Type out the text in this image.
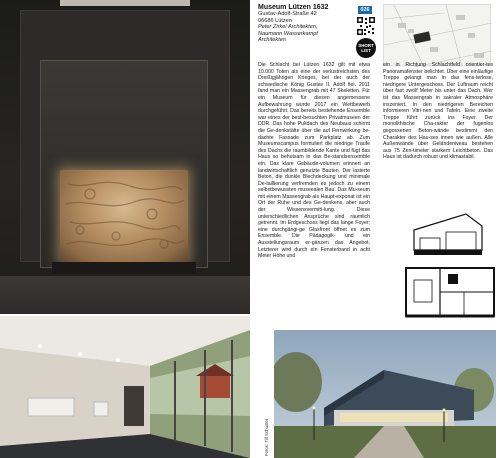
Museum Lützen 1632
Gustav-Adolf-Straße 42
06686 Lützen
Peter Zirkel Architekten,
Naumann Wasserkampf
Architekten
026
SHORT
LIST
Die Schlacht bei Lützen 1632 gilt mit etwa 10.000 Toten als eine der verlustreichsten des Dreißigjährigen Krieges, bei der auch der schwedische König Gustav II. Adolf fiel. 2011 fand man ein Massengrab mit 47 Skeletten. Für ein Museum für diesen angemessene Aufbewahrung wurde 2017 ein Wettbewerb durchgeführt. Das bereits bestehende Ensemble war eines der best-besuchten Privatmuseen der DDR. Das hohe Pultdach des Neubaus schirmt die Ge-denkstätte über die auf Fernwirkung be-dachte Fassade zum Parkplatz ab. Zum Museumscampus formuliert die niedrige Traufe des Dachs die raumbildende Kante und fügt das Haus so behutsam in das Be-standsensemble ein. Das klare Gebäude-volumen erinnert an landwirtschaftlich genutzte Bauten. Der lasierte Beton, die dunkle Blechdeckung und minimale De-taillierung verfremden es jedoch zu einem selbstbewussten museealen Bau. Das Mu-seum mit einem Massengrab als Haupt-exponat ist ein Ort der Ruhe und des Ge-denkens, aber auch der Wissensvermitt-lung. Diese unterschiedlichen Ansprüche sind räumlich getrennt. Im Erdgeschoss liegt das lange Foyer; eine durchgängi-ge Glasfront öffnet es zum Ensemble. Die Pädagogik- und ein Ausstellungsraum er-gänzen das Angebot. Letzterer wird durch ein Fensterband in acht Meter Höhe und
ein in Richtung Schlachtfeld orientier-tes Panoramafenster belichtet. Über eine einläufige Treppe gelangt man in das fens-terlose, niedrigere Untergeschoss. Der Luftraum reicht über fast zwölf Meter bis unter das Dach. Wer ist das Massengrab in sakraler Atmosphäre inszeniert. In den niedrigeren Bereichen informieren Vitri-nen und Tafeln. Eine zweite Treppe führt zurück ins Foyer. Der monolithische Cha-rakter der fugenlos gegossenen Beton-wände bestimmt den Charakter des Hau-ses innen wie außen. Alle Außenwände über Geländeniveau bestehen aus 75 Zen-timeter starkem Leichtbeton. Das Haus ist dadurch robust und klimastabil.
Fotos: Till Schuster
